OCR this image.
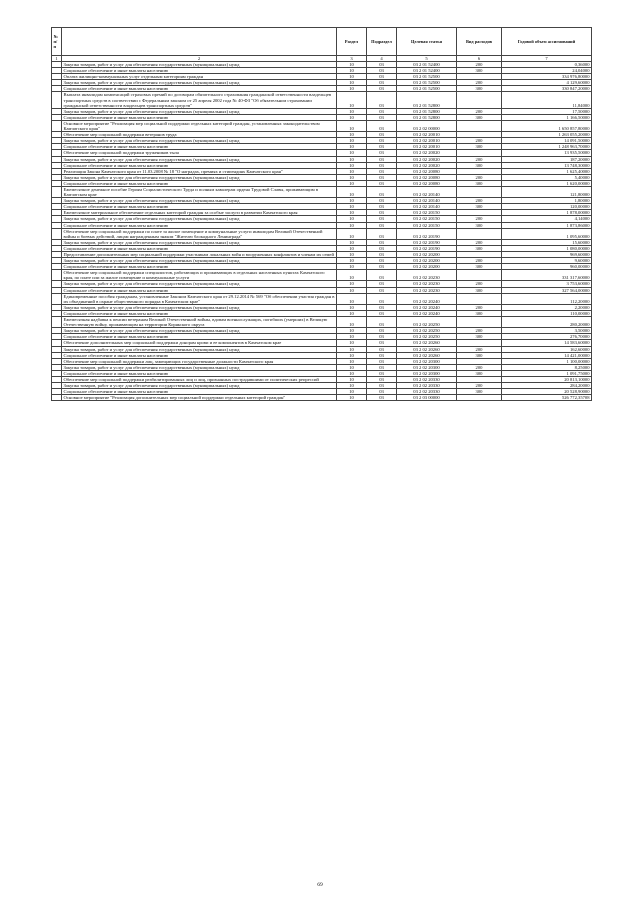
№ п/п		Раздел	Подраздел	Целевая статья	Вид расходов	Годовой объем ассигнований
1	2	3	4	5	6	7
	Закупка товаров, работ и услуг для обеспечения государственных (муниципальных) нужд	10	03	03 2 01 52400	200	0,36000
	Социальное обеспечение и иные выплаты населению	10	03	03 2 01 52400	300	24,04000
	Оплата жилищно-коммунальных услуг отдельным категориям граждан	10	03	03 2 01 52500		334 976,80000
	Закупка товаров, работ и услуг для обеспечения государственных (муниципальных) нужд	10	03	03 2 01 52500	200	4 129,60000
	Социальное обеспечение и иные выплаты населению	10	03	03 2 01 52500	300	330 847,20000
	Выплата инвалидам компенсаций страховых премий по договорам обязательного страхования гражданской ответственности владельцев транспортных средств в соответствии с Федеральным законом от 25 апреля 2002 года № 40-ФЗ "Об обязательном страховании гражданской ответственности владельцев транспортных средств"	10	03	03 2 01 52800		11,84000
	Закупка товаров, работ и услуг для обеспечения государственных (муниципальных) нужд	10	03	03 2 01 52800	200	17,50000
	Социальное обеспечение и иные выплаты населению	10	03	03 2 01 52800	300	1 166,50000
	Основное мероприятие "Реализация мер социальной поддержки отдельных категорий граждан, установленных законодательством Камчатского края"	10	03	03 2 02 00000		1 650 857,80000
	Обеспечение мер социальной поддержки ветеранов труда	10	03	03 2 02 20010		1 263 055,20000
	Закупка товаров, работ и услуг для обеспечения государственных (муниципальных) нужд	10	03	03 2 02 20010	200	14 091,50000
	Социальное обеспечение и иные выплаты населению	10	03	03 2 02 20010	300	1 248 963,70000
	Обеспечение мер социальной поддержки тружеников тыла	10	03	03 2 02 20020		13 935,50000
	Закупка товаров, работ и услуг для обеспечения государственных (муниципальных) нужд	10	03	03 2 02 20020	200	187,20000
	Социальное обеспечение и иные выплаты населению	10	03	03 2 02 20020	300	13 748,30000
	Реализация Закона Камчатского края от 11.03.2008 № 18 "О наградах, премиях и стипендиях Камчатского края"	10	03	03 2 02 20080		1 625,40000
	Закупка товаров, работ и услуг для обеспечения государственных (муниципальных) нужд	10	03	03 2 02 20080	200	5,40000
	Социальное обеспечение и иные выплаты населению	10	03	03 2 02 20080	300	1 620,00000
	Ежемесячное денежное пособие Героям Социалистического Труда и полным кавалерам ордена Трудовой Славы, проживающим в Камчатском крае	10	03	03 2 02 20140		121,80000
	Закупка товаров, работ и услуг для обеспечения государственных (муниципальных) нужд	10	03	03 2 02 20140	200	1,80000
	Социальное обеспечение и иные выплаты населению	10	03	03 2 02 20140	300	120,00000
	Ежемесячное материальное обеспечение отдельных категорий граждан за особые заслуги в развитии Камчатского края	10	03	03 2 02 20150		1 878,00000
	Закупка товаров, работ и услуг для обеспечения государственных (муниципальных) нужд	10	03	03 2 02 20150	200	4,14000
	Социальное обеспечение и иные выплаты населению	10	03	03 2 02 20150	300	1 873,86000
	Обеспечение мер социальной поддержки по плате за жилое помещение и коммунальные услуги инвалидам Великой Отечественной войны и боевых действий, лицам награжденным знаком "Жителю блокадного Ленинграда"	10	03	03 2 02 20190		1 095,60000
	Закупка товаров, работ и услуг для обеспечения государственных (муниципальных) нужд	10	03	03 2 02 20190	200	15,60000
	Социальное обеспечение и иные выплаты населению	10	03	03 2 02 20190	300	1 080,00000
	Предоставление дополнительных мер социальной поддержки участникам локальных войн и вооруженных конфликтов и членам их семей	10	03	03 2 02 20200		969,60000
	Закупка товаров, работ и услуг для обеспечения государственных (муниципальных) нужд	10	03	03 2 02 20200	200	9,60000
	Социальное обеспечение и иные выплаты населению	10	03	03 2 02 20200	300	960,00000
	Обеспечение мер социальной поддержки специалистов, работающих и проживающих в отдельных населенных пунктах Камчатского края, по плате или за жилое помещение и коммунальные услуги	10	03	03 2 02 20230		331 317,60000
	Закупка товаров, работ и услуг для обеспечения государственных (муниципальных) нужд	10	03	03 2 02 20230	200	3 753,60000
	Социальное обеспечение и иные выплаты населению	10	03	03 2 02 20230	300	327 564,00000
	Единовременные пособия гражданам, установленные Законом Камчатского края от 29.12.2014 № 569 "Об обеспечении участия граждан в их объединений в охране общественного порядка в Камчатском крае"	10	03	03 2 02 20240		112,20000
	Закупка товаров, работ и услуг для обеспечения государственных (муниципальных) нужд	10	03	03 2 02 20240	200	2,20000
	Социальное обеспечение и иные выплаты населению	10	03	03 2 02 20240	300	110,00000
	Ежемесячная надбавка к пенсии ветеранам Великой Отечественной войны, вдовам военнослужащих, погибших (умерших) в Великую Отечественную войну, проживающим на территории Корякского округа	10	03	03 2 02 20250		280,20000
	Закупка товаров, работ и услуг для обеспечения государственных (муниципальных) нужд	10	03	03 2 02 20250	200	3,50000
	Социальное обеспечение и иные выплаты населению	10	03	03 2 02 20250	300	276,70000
	Обеспечение дополнительных мер социальной поддержки донорам крови и ее компонентов в Камчатском крае	10	03	03 2 02 20260		14 583,60000
	Закупка товаров, работ и услуг для обеспечения государственных (муниципальных) нужд	10	03	03 2 02 20260	200	162,60000
	Социальное обеспечение и иные выплаты населению	10	03	03 2 02 20260	300	14 421,00000
	Обеспечение мер социальной поддержки лиц, замещающих государственные должности Камчатского края	10	03	03 2 02 20300		1 100,00000
	Закупка товаров, работ и услуг для обеспечения государственных (муниципальных) нужд	10	03	03 2 02 20300	200	8,25000
	Социальное обеспечение и иные выплаты населению	10	03	03 2 02 20300	300	1 091,75000
	Обеспечение мер социальной поддержки реабилитированных лиц и лиц, признанных пострадавшими от политических репрессий	10	03	03 2 02 20330		20 813,10000
	Закупка товаров, работ и услуг для обеспечения государственных (муниципальных) нужд	10	03	03 2 02 20330	200	284,20000
	Социальное обеспечение и иные выплаты населению	10	03	03 2 02 20330	300	20 528,90000
	Основное мероприятие "Реализация дополнительных мер социальной поддержки отдельных категорий граждан"	10	03	03 2 03 00000		526 772,35708
69
